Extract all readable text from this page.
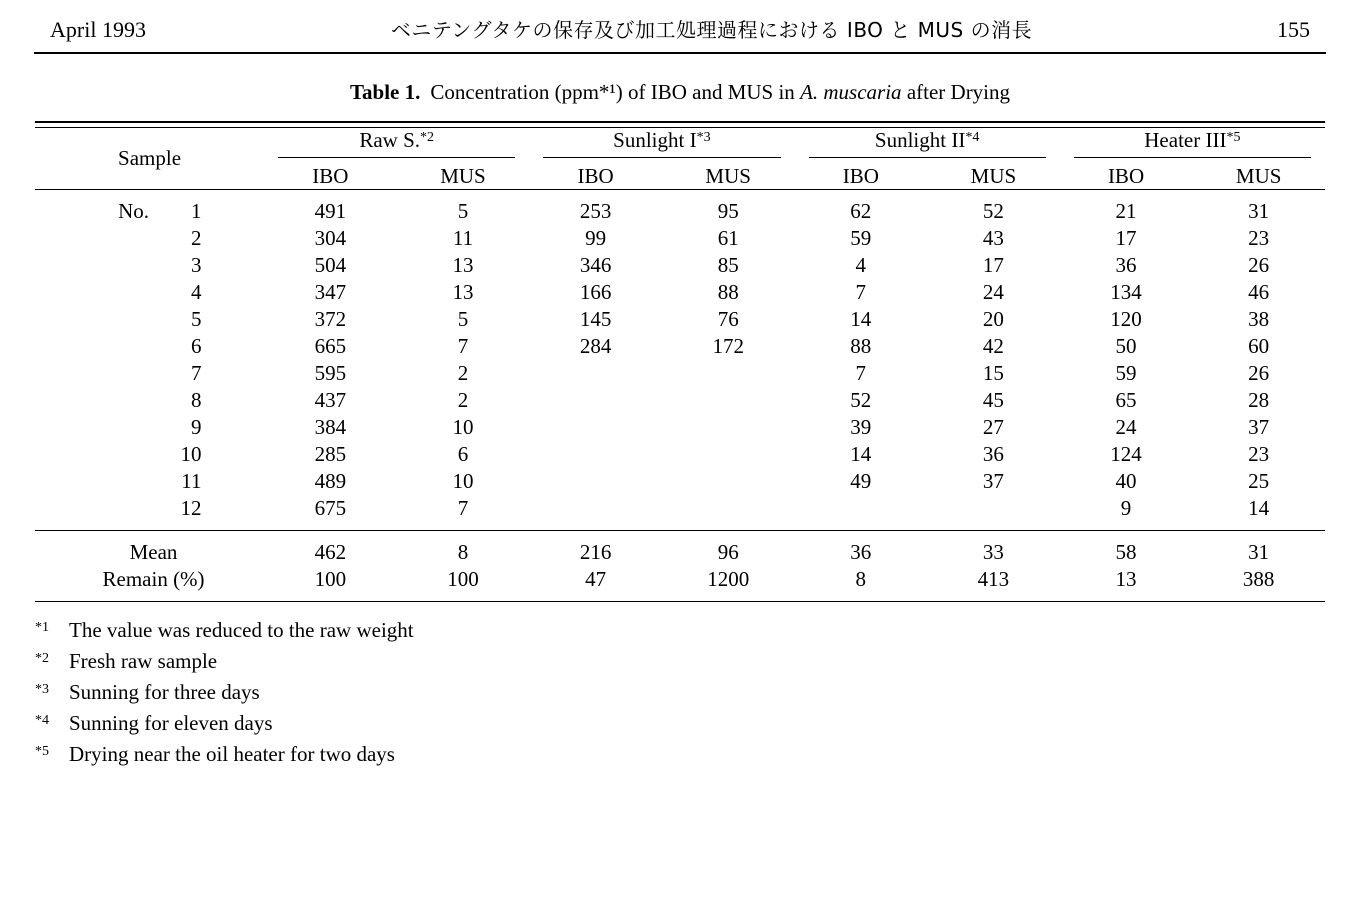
April 1993	ベニテングタケの保存及び加工処理過程における IBO と MUS の消長	155
Table 1. Concentration (ppm*¹) of IBO and MUS in A. muscaria after Drying

Sample	Raw S.$^{*2}$		Sunlight $I^{*3}$		Sunlight II$^{*4}$		Heater III$^{*5}$

	IBO	MUS	IBO	MUS	IBO	MUS	IBO	MUS

No. 1	491	5	253	95	62	52	21	31
2	304	11	99	61	59	43	17	23
3	504	13	346	85	4	17	36	26
4	347	13	166	88	7	24	134	46
5	372	5	145	76	14	20	120	38
6	665	7	284	172	88	42	50	60
7	595	2			7	15	59	26
8	437	2			52	45	65	28
9	384	10			39	27	24	37
10	285	6			14	36	124	23
11	489	10			49	37	40	25
12	675	7					9	14

Mean	462	8	216	96	36	33	58	31
Remain (%)	100	100	47	1200	8	413	13	388

$^{*1}$ The value was reduced to the raw weight
$^{*2}$ Fresh raw sample
$^{*3}$ Sunning for three days
$^{*4}$ Sunning for eleven days
$^{*5}$ Drying near the oil heater for two days
